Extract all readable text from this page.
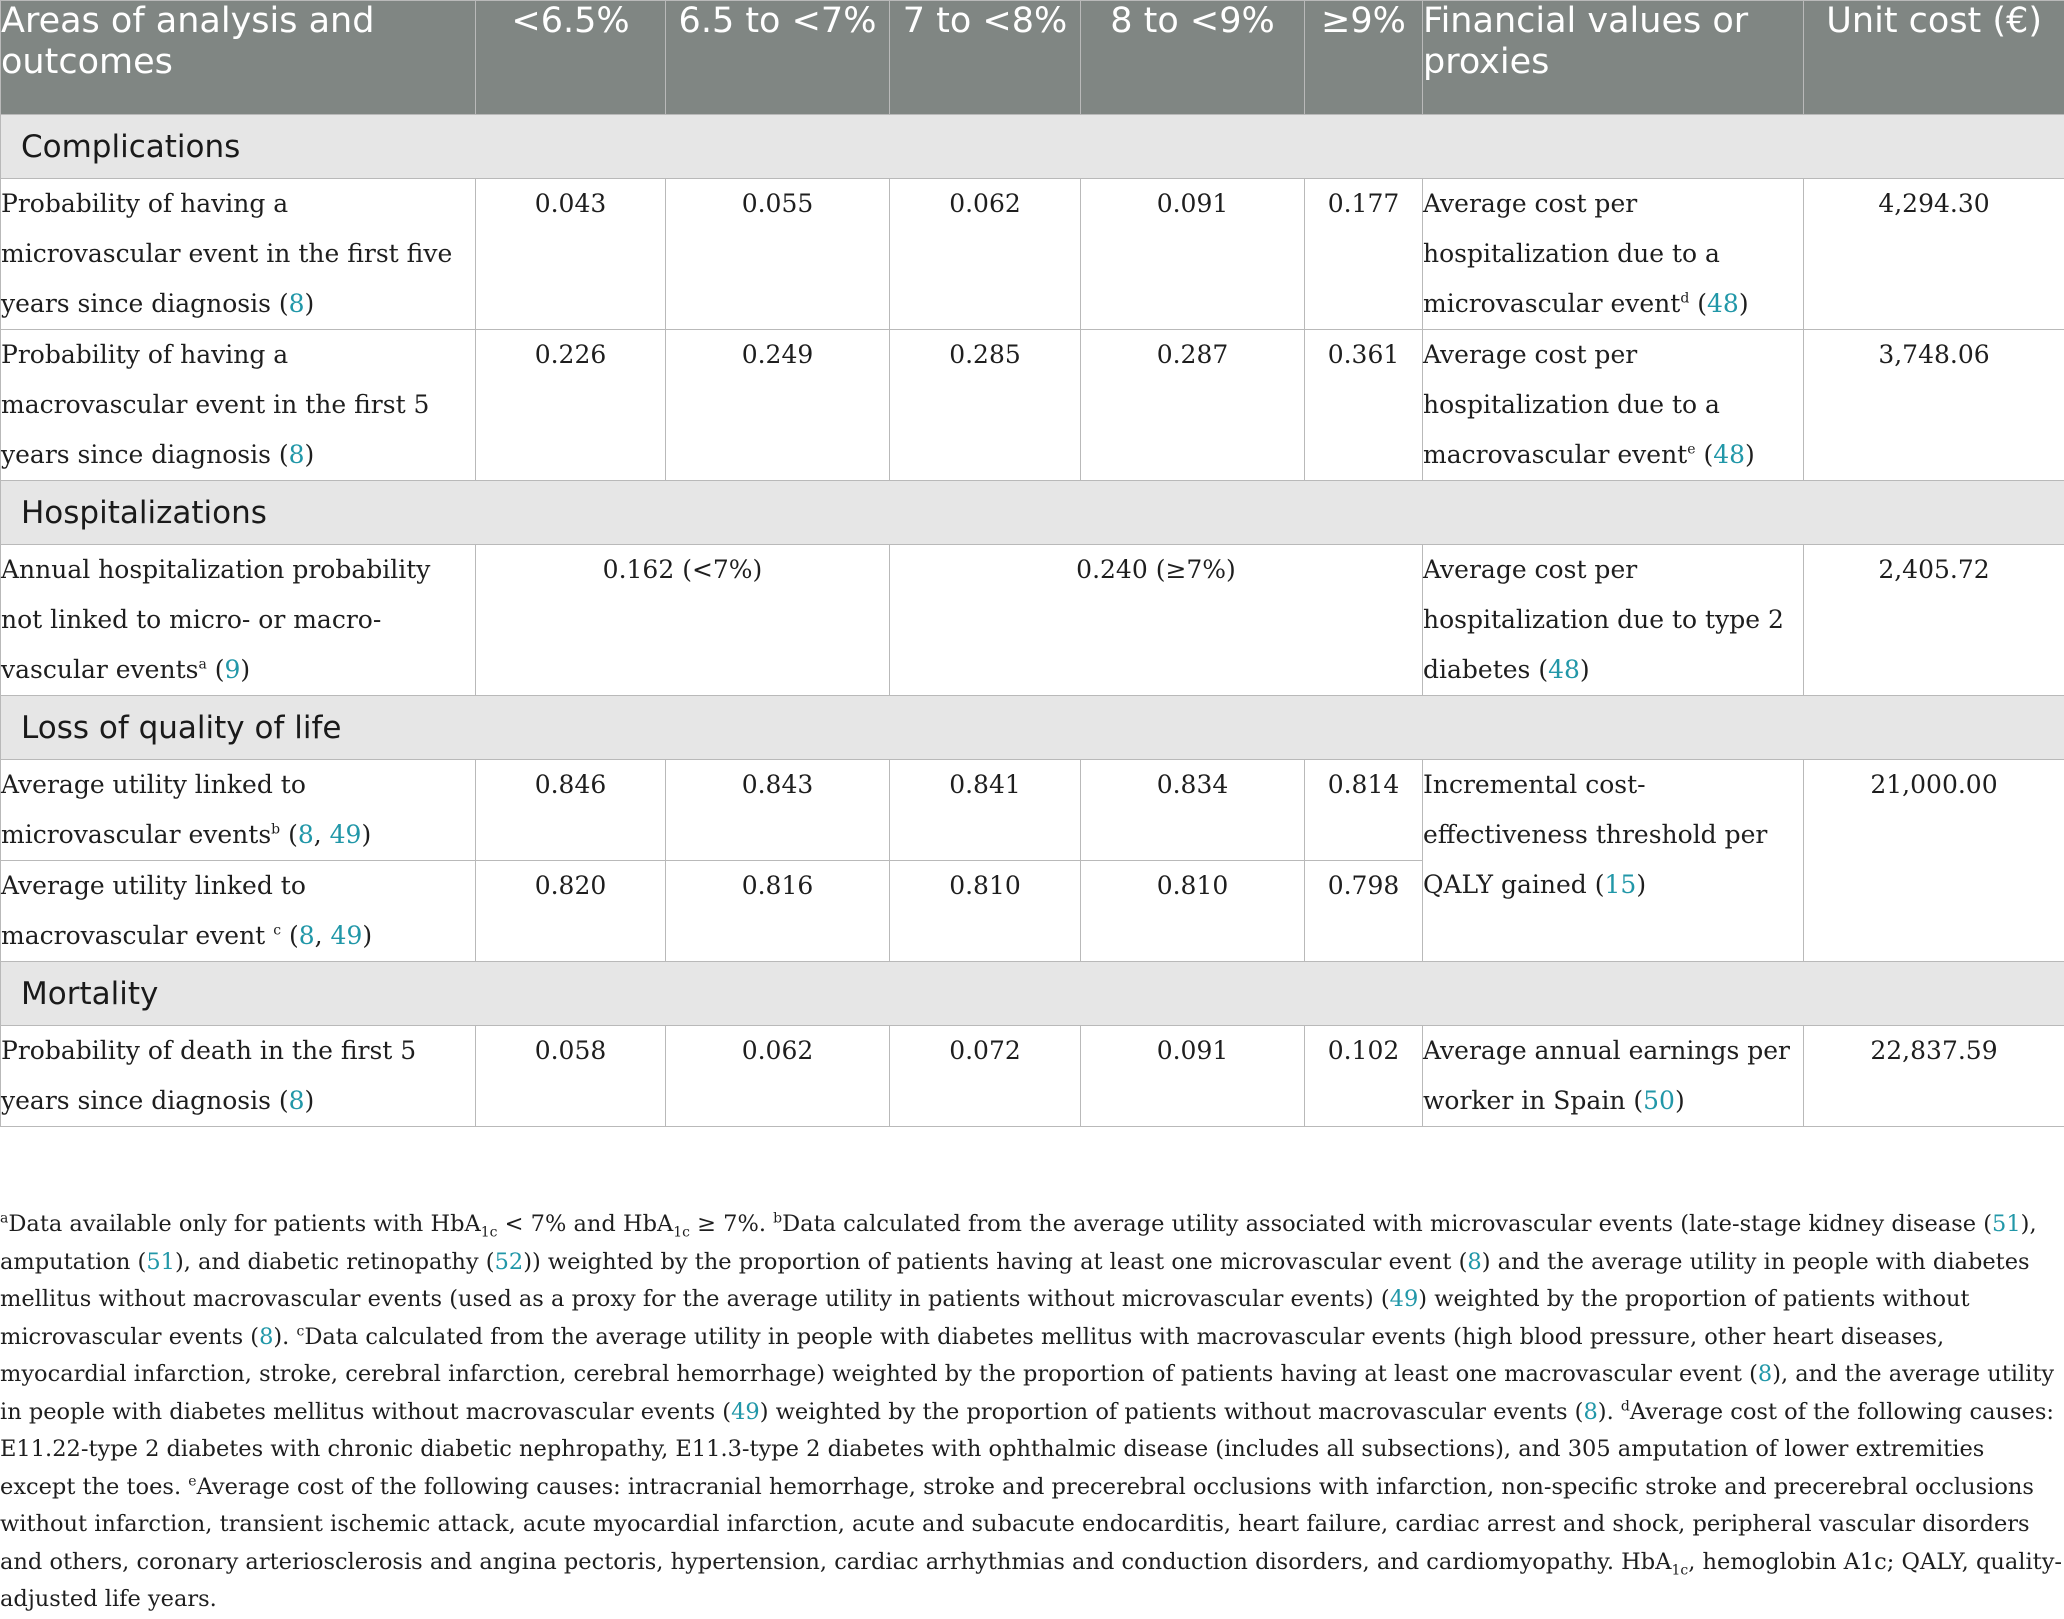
Areas of analysis and outcomes	<6.5%	6.5 to <7%	7 to <8%	8 to <9%	≥9%	Financial values or proxies	Unit cost (€)
Complications							
Probability of having a microvascular event in the first five years since diagnosis (8)	0.043	0.055	0.062	0.091	0.177	Average cost per hospitalization due to a microvascular event$^d$ (48)	4,294.30
Probability of having a macrovascular event in the first 5 years since diagnosis (8)	0.226	0.249	0.285	0.287	0.361	Average cost per hospitalization due to a macrovascular event$^e$ (48)	3,748.06
Hospitalizations							
Annual hospitalization probability not linked to micro- or macro-vascular events$^a$ (9)	0.162 (<7%)		0.240 (≥7%)			Average cost per hospitalization due to type 2 diabetes (48)	2,405.72
Loss of quality of life							
Average utility linked to microvascular events$^b$ (8, 49)	0.846	0.843	0.841	0.834	0.814	Incremental cost-effectiveness threshold per QALY gained (15)	21,000.00
Average utility linked to macrovascular event $^c$ (8, 49)	0.820	0.816	0.810	0.810	0.798		
Mortality							
Probability of death in the first 5 years since diagnosis (8)	0.058	0.062	0.072	0.091	0.102	Average annual earnings per worker in Spain (50)	22,837.59

$^a$Data available only for patients with HbA$_{1c}$ < 7% and HbA$_{1c}$ ≥ 7%. $^b$Data calculated from the average utility associated with microvascular events (late-stage kidney disease (51), amputation (51), and diabetic retinopathy (52)) weighted by the proportion of patients having at least one microvascular event (8) and the average utility in people with diabetes mellitus without macrovascular events (used as a proxy for the average utility in patients without microvascular events) (49) weighted by the proportion of patients without microvascular events (8). $^c$Data calculated from the average utility in people with diabetes mellitus with macrovascular events (high blood pressure, other heart diseases, myocardial infarction, stroke, cerebral infarction, cerebral hemorrhage) weighted by the proportion of patients having at least one macrovascular event (8), and the average utility in people with diabetes mellitus without macrovascular events (49) weighted by the proportion of patients without macrovascular events (8). $^d$Average cost of the following causes: E11.22-type 2 diabetes with chronic diabetic nephropathy, E11.3-type 2 diabetes with ophthalmic disease (includes all subsections), and 305 amputation of lower extremities except the toes. $^e$Average cost of the following causes: intracranial hemorrhage, stroke and precerebral occlusions with infarction, non-specific stroke and precerebral occlusions without infarction, transient ischemic attack, acute myocardial infarction, acute and subacute endocarditis, heart failure, cardiac arrest and shock, peripheral vascular disorders and others, coronary arteriosclerosis and angina pectoris, hypertension, cardiac arrhythmias and conduction disorders, and cardiomyopathy. HbA$_{1c}$, hemoglobin A1c; QALY, quality-adjusted life years.
